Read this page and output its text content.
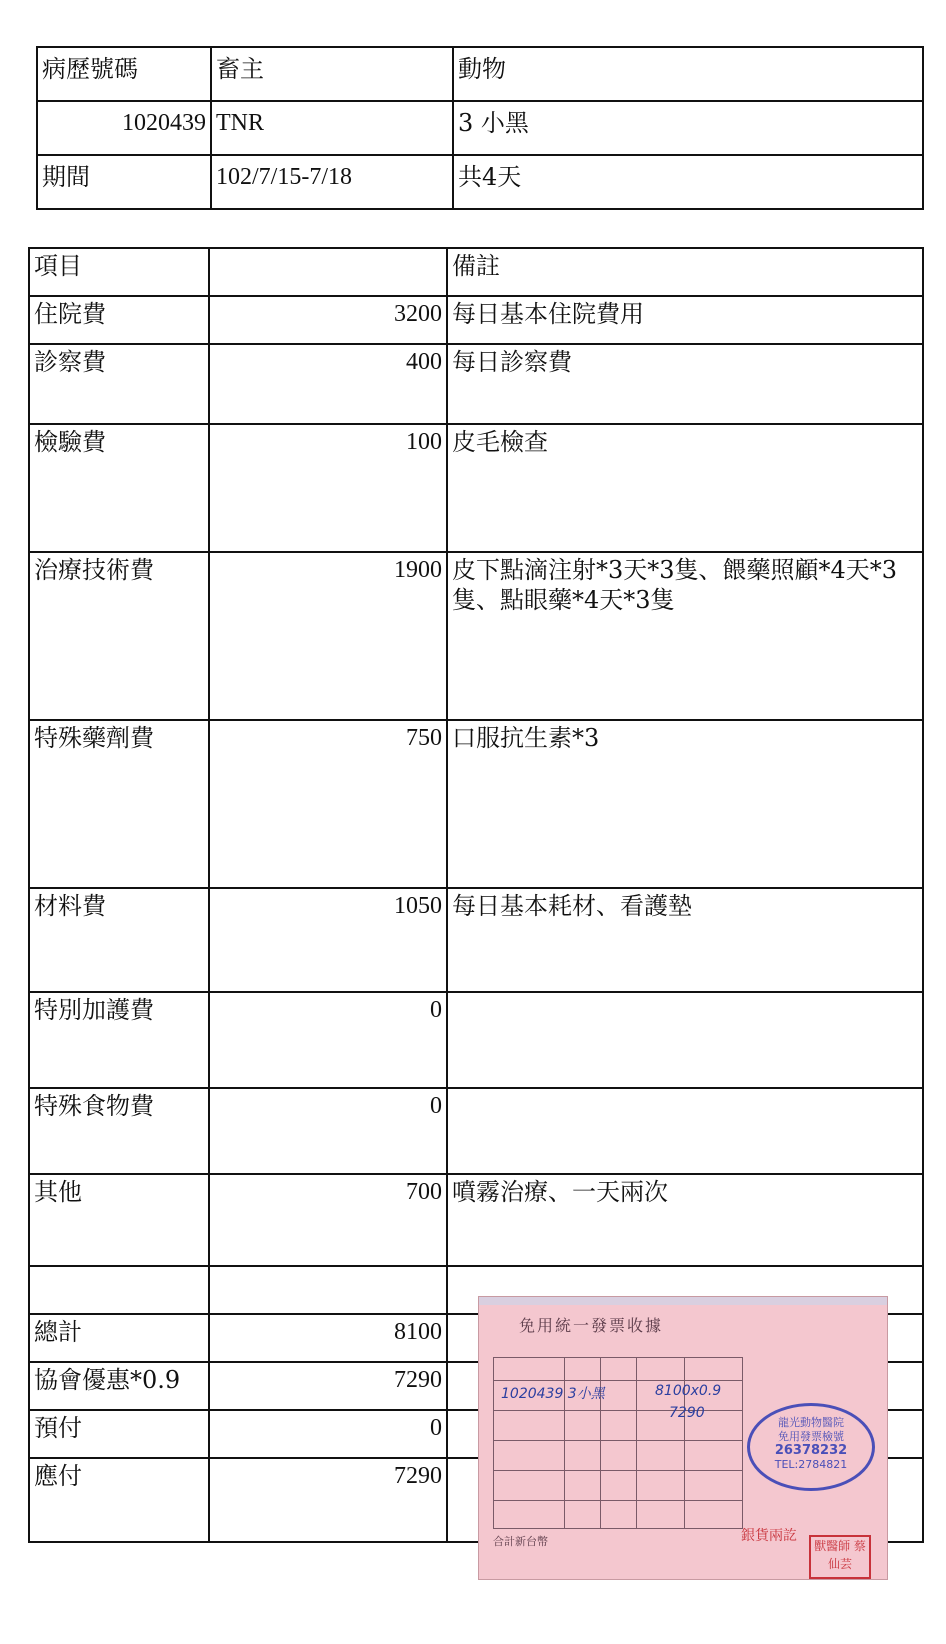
病歷號碼	畜主	動物
1020439	TNR	3 小黑
期間	102/7/15-7/18	共4天
項目		備註
住院費	3200	每日基本住院費用
診察費	400	每日診察費
檢驗費	100	皮毛檢查
治療技術費	1900	皮下點滴注射*3天*3隻、餵藥照顧*4天*3隻、點眼藥*4天*3隻
特殊藥劑費	750	口服抗生素*3
材料費	1050	每日基本耗材、看護墊
特別加護費	0	
特殊食物費	0	
其他	700	噴霧治療、一天兩次

總計	8100	
協會優惠*0.9	7290	
預付	0	
應付	7290	
免用統一發票收據
1020439 3小黑	8100x0.9
7290
龍光動物醫院
免用發票檢號
26378232
TEL:2784821
銀貨兩訖
獸醫師 蔡仙芸
合計新台幣
